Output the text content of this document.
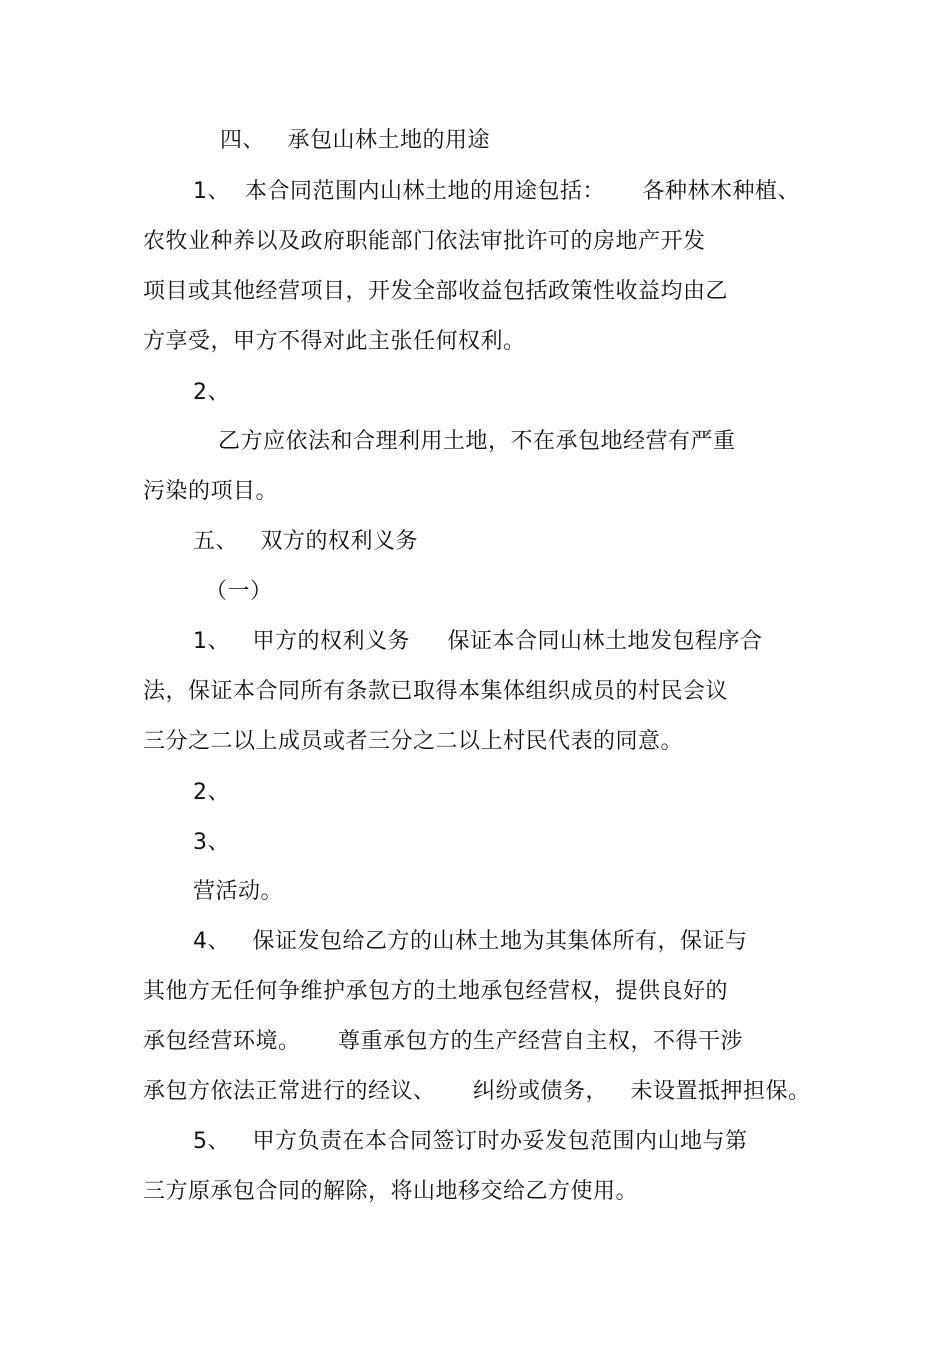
四、   承包山林土地的用途
1、  本合同范围内山林土地的用途包括：     各种林木种植、
农牧业种养以及政府职能部门依法审批许可的房地产开发
项目或其他经营项目，开发全部收益包括政策性收益均由乙
方享受，甲方不得对此主张任何权利。
2、
乙方应依法和合理利用土地，不在承包地经营有严重
污染的项目。
五、   双方的权利义务
（一）
1、   甲方的权利义务     保证本合同山林土地发包程序合
法，保证本合同所有条款已取得本集体组织成员的村民会议
三分之二以上成员或者三分之二以上村民代表的同意。
2、
3、
营活动。
4、   保证发包给乙方的山林土地为其集体所有，保证与
其他方无任何争维护承包方的土地承包经营权，提供良好的
承包经营环境。     尊重承包方的生产经营自主权，不得干涉
承包方依法正常进行的经议、     纠纷或债务，   未设置抵押担保。
5、   甲方负责在本合同签订时办妥发包范围内山地与第
三方原承包合同的解除，将山地移交给乙方使用。
